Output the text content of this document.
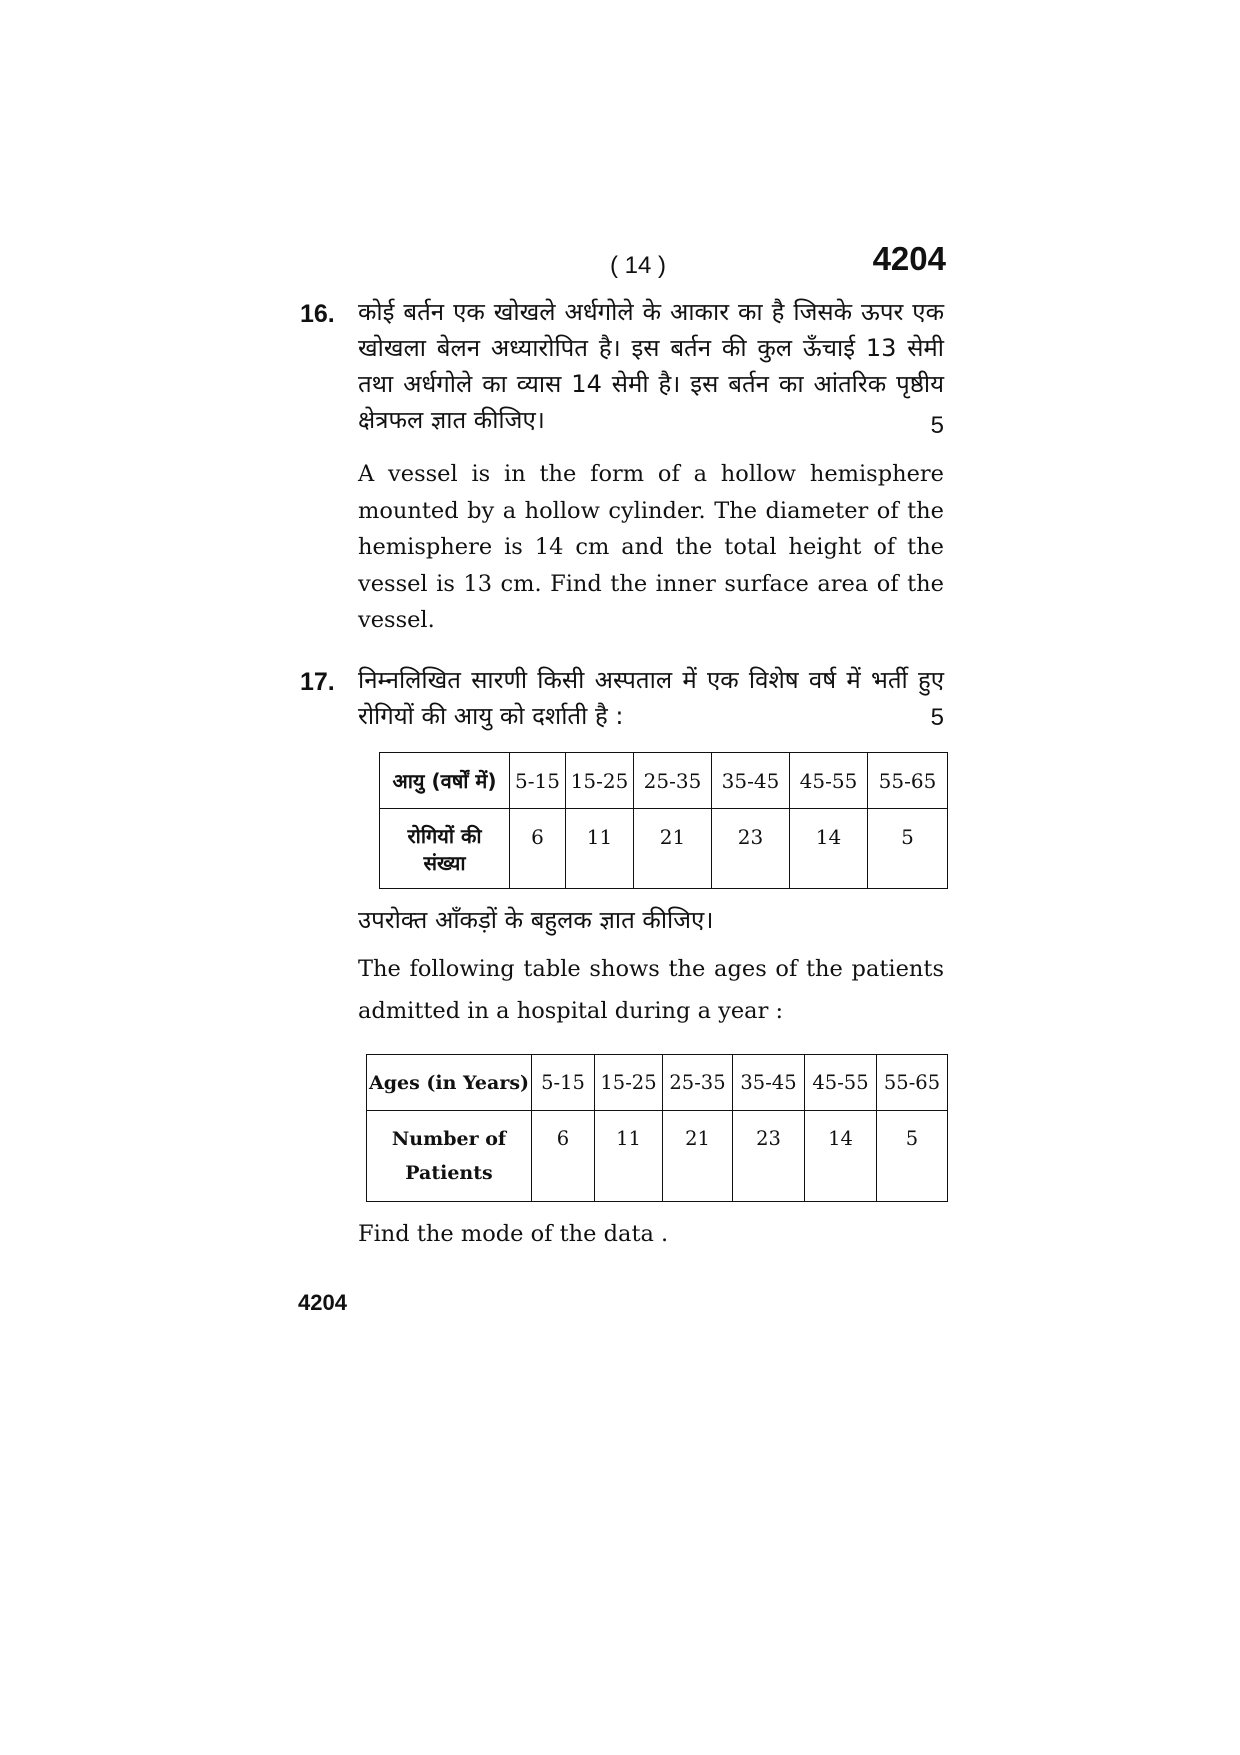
( 14 )	4204
16. कोई बर्तन एक खोखले अर्धगोले के आकार का है जिसके ऊपर एक खोखला बेलन अध्यारोपित है। इस बर्तन की कुल ऊँचाई 13 सेमी तथा अर्धगोले का व्यास 14 सेमी है। इस बर्तन का आंतरिक पृष्ठीय क्षेत्रफल ज्ञात कीजिए।	5
A vessel is in the form of a hollow hemisphere mounted by a hollow cylinder. The diameter of the hemisphere is 14 cm and the total height of the vessel is 13 cm. Find the inner surface area of the vessel.
17. निम्नलिखित सारणी किसी अस्पताल में एक विशेष वर्ष में भर्ती हुए रोगियों की आयु को दर्शाती है :	5
आयु (वर्षों में)	5-15	15-25	25-35	35-45	45-55	55-65
रोगियों की संख्या	6	11	21	23	14	5
उपरोक्त आँकड़ों के बहुलक ज्ञात कीजिए।
The following table shows the ages of the patients admitted in a hospital during a year :
Ages (in Years)	5-15	15-25	25-35	35-45	45-55	55-65
Number of Patients	6	11	21	23	14	5
Find the mode of the data .
4204
